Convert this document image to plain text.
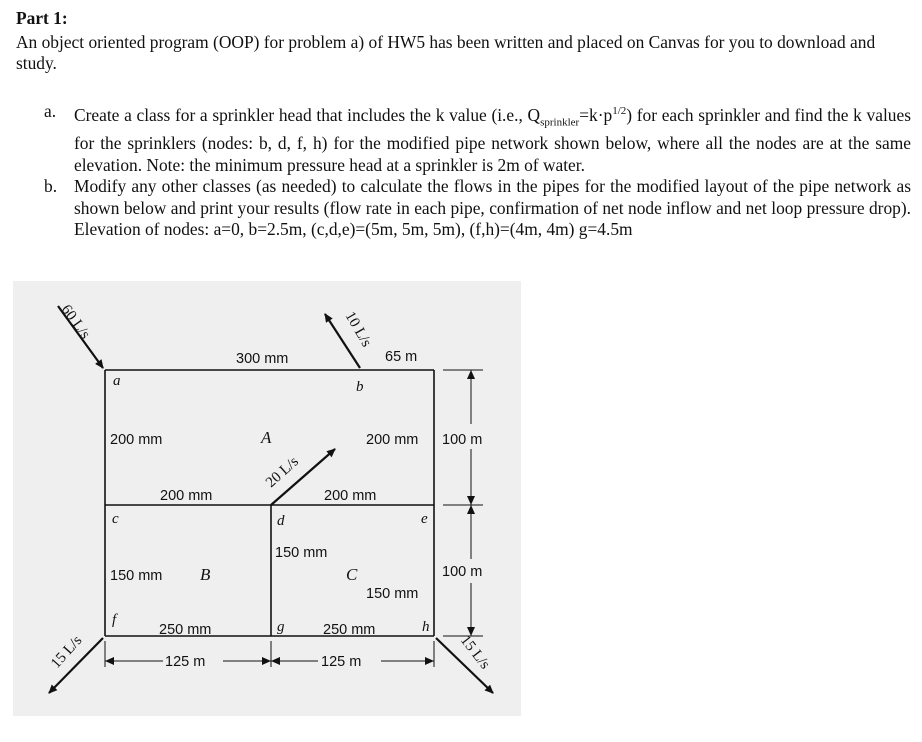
Part 1:

An object oriented program (OOP) for problem a) of HW5 has been written and placed on Canvas for you to download and study.

a. Create a class for a sprinkler head that includes the k value (i.e., $Q_{sprinkler}=k\cdot p^{1/2}$) for each sprinkler and find the k values for the sprinklers (nodes: b, d, f, h) for the modified pipe network shown below, where all the nodes are at the same elevation. Note: the minimum pressure head at a sprinkler is 2m of water.
b. Modify any other classes (as needed) to calculate the flows in the pipes for the modified layout of the pipe network as shown below and print your results (flow rate in each pipe, confirmation of net node inflow and net loop pressure drop). Elevation of nodes: a=0, b=2.5m, (c,d,e)=(5m, 5m, 5m), (f,h)=(4m, 4m) g=4.5m
a	b
c	d	e
f	g	h
A
B	C
300 mm
200 mm	200 mm
200 mm	200 mm
150 mm
150 mm
150 mm
250 mm	250 mm
65 m
100 m
100 m
125 m	125 m
60 L/s	10 L/s
20 L/s
15 L/s	15 L/s
